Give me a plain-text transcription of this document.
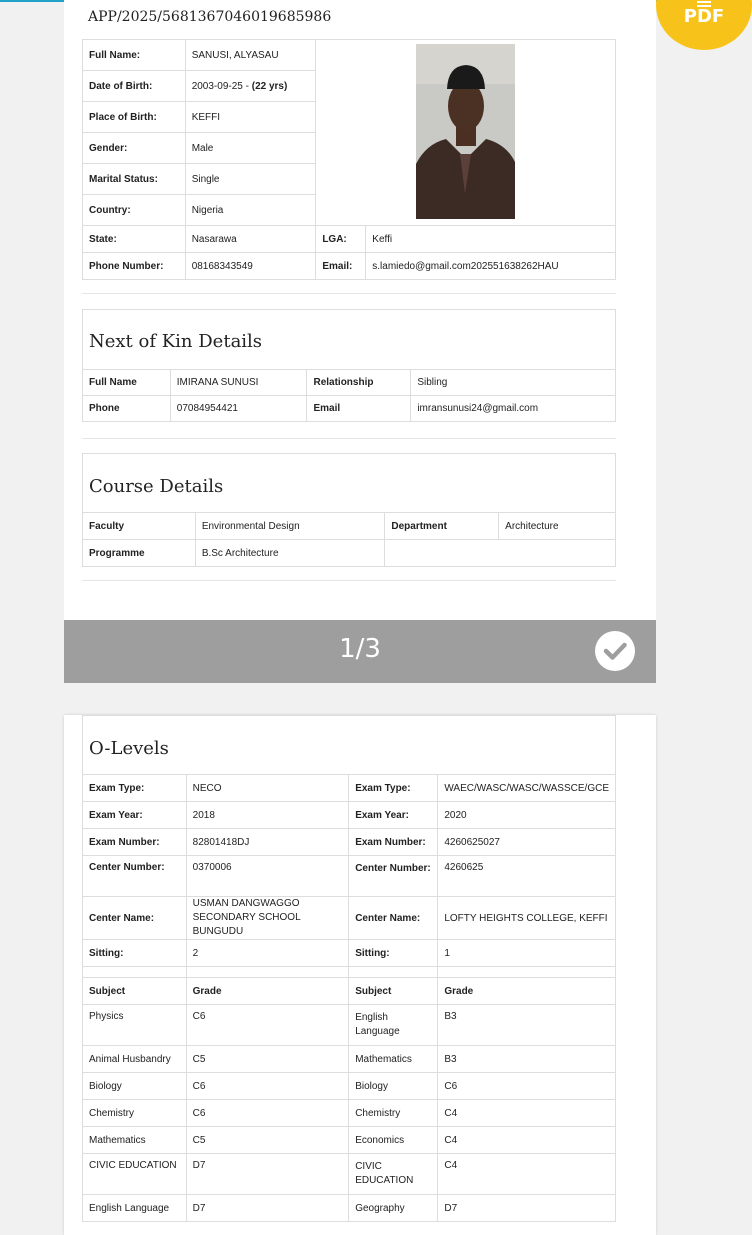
APP/2025/5681367046019685986
Full Name:	SANUSI, ALYASAU	
Date of Birth:	2003-09-25 - (22 yrs)		
Place of Birth:	KEFFI		
Gender:	Male		
Marital Status:	Single		
Country:	Nigeria		
State:	Nasarawa	LGA:	Keffi
Phone Number:	08168343549	Email:	s.lamiedo@gmail.com202551638262HAU
Next of Kin Details
Full Name	IMIRANA SUNUSI	Relationship	Sibling
Phone	07084954421	Email	imransunusi24@gmail.com
Course Details
Faculty	Environmental Design	Department	Architecture
Programme	B.Sc Architecture		
PDF
1/3
O-Levels
Exam Type:	NECO	Exam Type:	WAEC/WASC/WASC/WASSCE/GCE
Exam Year:	2018	Exam Year:	2020
Exam Number:	82801418DJ	Exam Number:	4260625027
Center Number:	0370006	Center Number:	4260625
Center Name:	USMAN DANGWAGGO SECONDARY SCHOOL BUNGUDU	Center Name:	LOFTY HEIGHTS COLLEGE, KEFFI
Sitting:	2	Sitting:	1

Subject	Grade	Subject	Grade
Physics	C6	English Language	B3
Animal Husbandry	C5	Mathematics	B3
Biology	C6	Biology	C6
Chemistry	C6	Chemistry	C4
Mathematics	C5	Economics	C4
CIVIC EDUCATION	D7	CIVIC EDUCATION	C4
English Language	D7	Geography	D7
